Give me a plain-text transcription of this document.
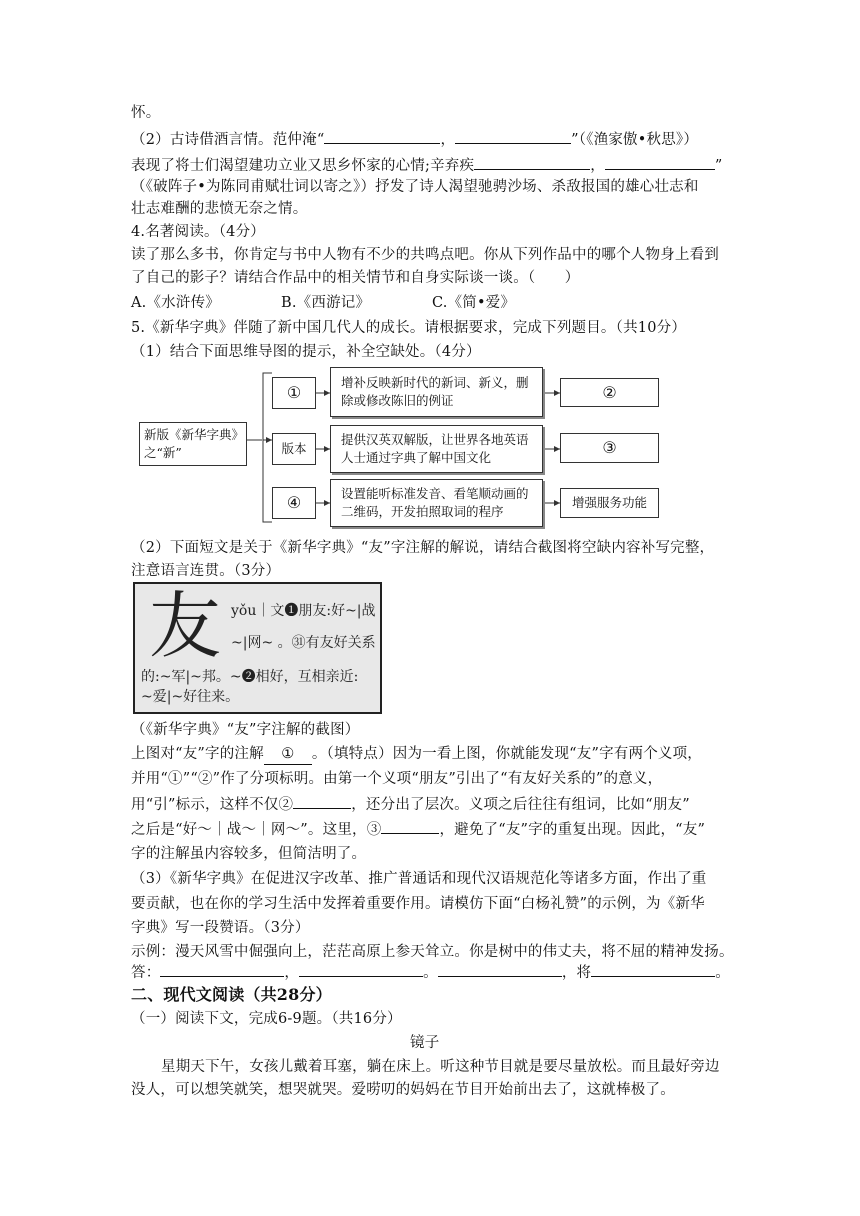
怀。
（2）古诗借酒言情。范仲淹“	，	”（《渔家傲•秋思》）
表现了将士们渴望建功立业又思乡怀家的心情;辛弃疾	，	”
（《破阵子•为陈同甫赋壮词以寄之》）抒发了诗人渴望驰骋沙场、杀敌报国的雄心壮志和
壮志难酬的悲愤无奈之情。
4.名著阅读。（4分）
读了那么多书，你肯定与书中人物有不少的共鸣点吧。你从下列作品中的哪个人物身上看到
了自己的影子？请结合作品中的相关情节和自身实际谈一谈。（　　）
A.《水浒传》	B.《西游记》	C.《简•爱》
5.《新华字典》伴随了新中国几代人的成长。请根据要求，完成下列题目。（共10分）
（1）结合下面思维导图的提示，补全空缺处。（4分）
新版《新华字典》之“新”
①
增补反映新时代的新词、新义，删除或修改陈旧的例证	②
版本
提供汉英双解版，让世界各地英语人士通过字典了解中国文化
③
④	设置能听标准发音、看笔顺动画的二维码，开发拍照取词的程序
增强服务功能
（2）下面短文是关于《新华字典》“友”字注解的解说，请结合截图将空缺内容补写完整，
注意语言连贯。（3分）
友 yǒu｜文❶朋友:好~|战
~|网~ 。㉛有友好关系
的:~军|~邦。~❷相好，互相亲近:
~爱|~好往来。
（《新华字典》“友”字注解的截图）
上图对“友”字的注解 ① 。（填特点）因为一看上图，你就能发现“友”字有两个义项，
并用“①”“②”作了分项标明。由第一个义项“朋友”引出了“有友好关系的”的意义，
用“引”标示，这样不仅②	，还分出了层次。义项之后往往有组词，比如“朋友”
之后是“好～｜战～｜网～”。这里，③	，避免了“友”字的重复出现。因此，“友”
字的注解虽内容较多，但简洁明了。
（3）《新华字典》在促进汉字改革、推广普通话和现代汉语规范化等诸多方面，作出了重
要贡献，也在你的学习生活中发挥着重要作用。请模仿下面“白杨礼赞”的示例，为《新华
字典》写一段赞语。（3分）
示例：漫天风雪中倔强向上，茫茫高原上参天耸立。你是树中的伟丈夫，将不屈的精神发扬。
答：	，	。	，将	。
二、现代文阅读（共28分）
（一）阅读下文，完成6-9题。（共16分）
镜子
星期天下午，女孩儿戴着耳塞，躺在床上。听这种节目就是要尽量放松。而且最好旁边
没人，可以想笑就笑，想哭就哭。爱唠叨的妈妈在节目开始前出去了，这就棒极了。
